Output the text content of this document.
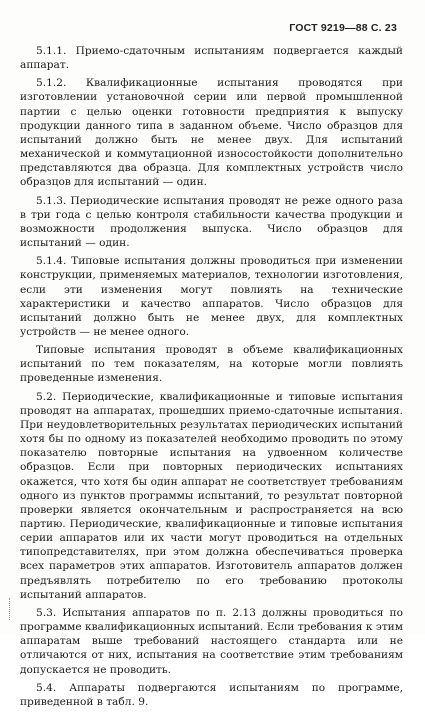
ГОСТ 9219—88 С. 23

5.1.1. Приемо-сдаточным испытаниям подвергается каждый аппарат.

5.1.2. Квалификационные испытания проводятся при изготовлении установочной серии или первой промышленной партии с целью оценки готовности предприятия к выпуску продукции данного типа в заданном объеме. Число образцов для испытаний должно быть не менее двух. Для испытаний механической и коммутационной износостойкости дополнительно представляются два образца. Для комплектных устройств число образцов для испытаний — один.

5.1.3. Периодические испытания проводят не реже одного раза в три года с целью контроля стабильности качества продукции и возможности продолжения выпуска. Число образцов для испытаний — один.

5.1.4. Типовые испытания должны проводиться при изменении конструкции, применяемых материалов, технологии изготовления, если эти изменения могут повлиять на технические характеристики и качество аппаратов. Число образцов для испытаний должно быть не менее двух, для комплектных устройств — не менее одного.

Типовые испытания проводят в объеме квалификационных испытаний по тем показателям, на которые могли повлиять проведенные изменения.

5.2. Периодические, квалификационные и типовые испытания проводят на аппаратах, прошедших приемо-сдаточные испытания. При неудовлетворительных результатах периодических испытаний хотя бы по одному из показателей необходимо проводить по этому показателю повторные испытания на удвоенном количестве образцов. Если при повторных периодических испытаниях окажется, что хотя бы один аппарат не соответствует требованиям одного из пунктов программы испытаний, то результат повторной проверки является окончательным и распространяется на всю партию. Периодические, квалификационные и типовые испытания серии аппаратов или их части могут проводиться на отдельных типопредставителях, при этом должна обеспечиваться проверка всех параметров этих аппаратов. Изготовитель аппаратов должен предъявлять потребителю по его требованию протоколы испытаний аппаратов.

5.3. Испытания аппаратов по п. 2.13 должны проводиться по программе квалификационных испытаний. Если требования к этим аппаратам выше требований настоящего стандарта или не отличаются от них, испытания на соответствие этим требованиям допускается не проводить.

5.4. Аппараты подвергаются испытаниям по программе, приведенной в табл. 9.
